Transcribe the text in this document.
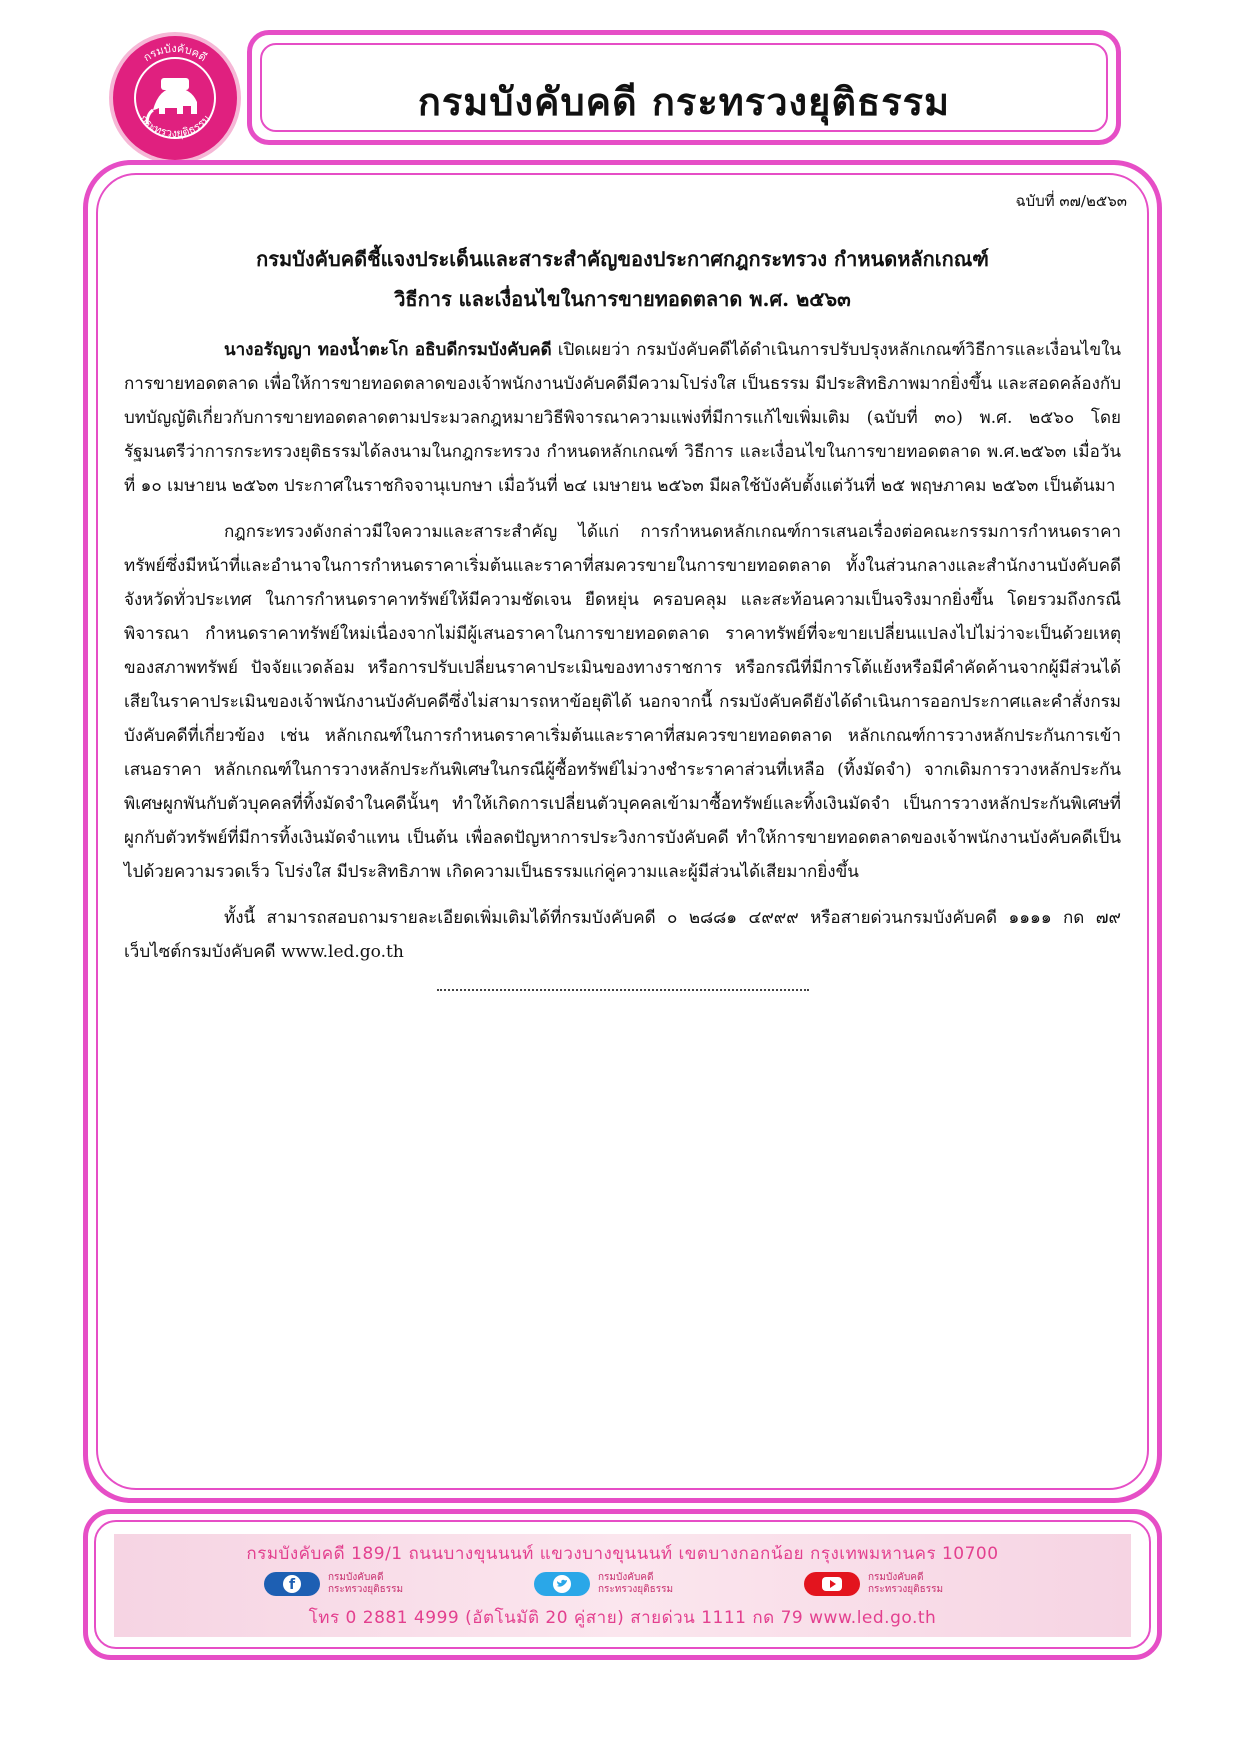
กรมบังคับคดี
กระทรวงยุติธรรม	กรมบังคับคดี กระทรวงยุติธรรม
ฉบับที่ ๓๗/๒๕๖๓
กรมบังคับคดีชี้แจงประเด็นและสาระสำคัญของประกาศกฎกระทรวง กำหนดหลักเกณฑ์
วิธีการ และเงื่อนไขในการขายทอดตลาด พ.ศ. ๒๕๖๓

นางอรัญญา ทองน้ำตะโก อธิบดีกรมบังคับคดี เปิดเผยว่า กรมบังคับคดีได้ดำเนินการปรับปรุงหลักเกณฑ์วิธีการและเงื่อนไขในการขายทอดตลาด เพื่อให้การขายทอดตลาดของเจ้าพนักงานบังคับคดีมีความโปร่งใส เป็นธรรม มีประสิทธิภาพมากยิ่งขึ้น และสอดคล้องกับบทบัญญัติเกี่ยวกับการขายทอดตลาดตามประมวลกฎหมายวิธีพิจารณาความแพ่งที่มีการแก้ไขเพิ่มเติม (ฉบับที่ ๓๐) พ.ศ. ๒๕๖๐ โดยรัฐมนตรีว่าการกระทรวงยุติธรรมได้ลงนามในกฎกระทรวง กำหนดหลักเกณฑ์ วิธีการ และเงื่อนไขในการขายทอดตลาด พ.ศ.๒๕๖๓ เมื่อวันที่ ๑๐ เมษายน ๒๕๖๓ ประกาศในราชกิจจานุเบกษา เมื่อวันที่ ๒๔ เมษายน ๒๕๖๓ มีผลใช้บังคับตั้งแต่วันที่ ๒๕ พฤษภาคม ๒๕๖๓ เป็นต้นมา

กฎกระทรวงดังกล่าวมีใจความและสาระสำคัญ ได้แก่ การกำหนดหลักเกณฑ์การเสนอเรื่องต่อคณะกรรมการกำหนดราคาทรัพย์ซึ่งมีหน้าที่และอำนาจในการกำหนดราคาเริ่มต้นและราคาที่สมควรขายในการขายทอดตลาด ทั้งในส่วนกลางและสำนักงานบังคับคดีจังหวัดทั่วประเทศ ในการกำหนดราคาทรัพย์ให้มีความชัดเจน ยืดหยุ่น ครอบคลุม และสะท้อนความเป็นจริงมากยิ่งขึ้น โดยรวมถึงกรณีพิจารณา กำหนดราคาทรัพย์ใหม่เนื่องจากไม่มีผู้เสนอราคาในการขายทอดตลาด ราคาทรัพย์ที่จะขายเปลี่ยนแปลงไปไม่ว่าจะเป็นด้วยเหตุของสภาพทรัพย์ ปัจจัยแวดล้อม หรือการปรับเปลี่ยนราคาประเมินของทางราชการ หรือกรณีที่มีการโต้แย้งหรือมีคำคัดค้านจากผู้มีส่วนได้เสียในราคาประเมินของเจ้าพนักงานบังคับคดีซึ่งไม่สามารถหาข้อยุติได้ นอกจากนี้ กรมบังคับคดียังได้ดำเนินการออกประกาศและคำสั่งกรมบังคับคดีที่เกี่ยวข้อง เช่น หลักเกณฑ์ในการกำหนดราคาเริ่มต้นและราคาที่สมควรขายทอดตลาด หลักเกณฑ์การวางหลักประกันการเข้าเสนอราคา หลักเกณฑ์ในการวางหลักประกันพิเศษในกรณีผู้ซื้อทรัพย์ไม่วางชำระราคาส่วนที่เหลือ (ทิ้งมัดจำ) จากเดิมการวางหลักประกันพิเศษผูกพันกับตัวบุคคลที่ทิ้งมัดจำในคดีนั้นๆ ทำให้เกิดการเปลี่ยนตัวบุคคลเข้ามาซื้อทรัพย์และทิ้งเงินมัดจำ เป็นการวางหลักประกันพิเศษที่ผูกกับตัวทรัพย์ที่มีการทิ้งเงินมัดจำแทน เป็นต้น เพื่อลดปัญหาการประวิงการบังคับคดี ทำให้การขายทอดตลาดของเจ้าพนักงานบังคับคดีเป็นไปด้วยความรวดเร็ว โปร่งใส มีประสิทธิภาพ เกิดความเป็นธรรมแก่คู่ความและผู้มีส่วนได้เสียมากยิ่งขึ้น

ทั้งนี้ สามารถสอบถามรายละเอียดเพิ่มเติมได้ที่กรมบังคับคดี ๐ ๒๘๘๑ ๔๙๙๙ หรือสายด่วนกรมบังคับคดี ๑๑๑๑ กด ๗๙ เว็บไซต์กรมบังคับคดี www.led.go.th

กรมบังคับคดี 189/1 ถนนบางขุนนนท์ แขวงบางขุนนนท์ เขตบางกอกน้อย กรุงเทพมหานคร 10700
f	กรมบังคับคดี
กระทรวงยุติธรรม
กรมบังคับคดี
กระทรวงยุติธรรม
กรมบังคับคดี
กระทรวงยุติธรรม
โทร 0 2881 4999 (อัตโนมัติ 20 คู่สาย) สายด่วน 1111 กด 79 www.led.go.th
